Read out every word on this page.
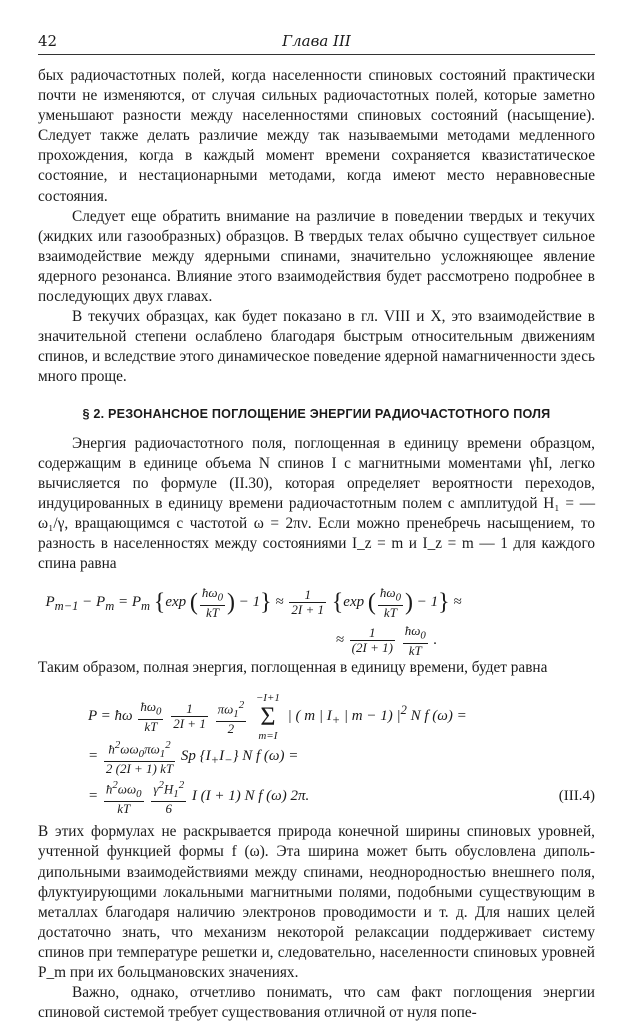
42	Глава III

бых радиочастотных полей, когда населенности спиновых состояний практически почти не изменяются, от случая сильных радиочастотных полей, которые заметно уменьшают разности между населенностями спиновых состояний (насыщение). Следует также делать различие между так называемыми методами медленного прохождения, когда в каждый момент времени сохраняется квазистатическое состояние, и нестационарными методами, когда имеют место неравновесные состояния.

Следует еще обратить внимание на различие в поведении твердых и текучих (жидких или газообразных) образцов. В твердых телах обычно существует сильное взаимодействие между ядерными спинами, значительно усложняющее явление ядерного резонанса. Влияние этого взаимодействия будет рассмотрено подробнее в последующих двух главах.

В текучих образцах, как будет показано в гл. VIII и X, это взаимодействие в значительной степени ослаблено благодаря быстрым относительным движениям спинов, и вследствие этого динамическое поведение ядерной намагниченности здесь много проще.

§ 2. РЕЗОНАНСНОЕ ПОГЛОЩЕНИЕ ЭНЕРГИИ РАДИОЧАСТОТНОГО ПОЛЯ

Энергия радиочастотного поля, поглощенная в единицу времени образцом, содержащим в единице объема N спинов I с магнитными моментами γħI, легко вычисляется по формуле (II.30), которая определяет вероятности переходов, индуцированных в единицу времени радиочастотным полем с амплитудой H₁ = — ω₁/γ, вращающимся с частотой ω = 2πν. Если можно пренебречь насыщением, то разность в населенностях между состояниями I_z = m и I_z = m — 1 для каждого спина равна

$P_{m-1} - P_m = P_m$ {exp ( $\frac{ħ\omega_0}{kT}$ ) − $1\} \approx \frac{1}{2I + 1} \{\exp$ ( $\frac{ħ\omega_0}{kT}$ ) − 1} ≈
≈ $\frac{1}{(2I + 1)}$
$\frac{ħ\omega_0}{kT}$ .

Таким образом, полная энергия, поглощенная в единицу времени, будет равна

P = ħω $\frac{ħ\omega_0}{kT}$
$\frac{1}{2I + 1}$
$\frac{\pi\omega_1^2}{2}$
−I+1
Σ
m=I | ( m | $I_+$ | m − 1) $|^2$ N f (ω) =
= $\frac{ħ^2\omega\omega_0\pi\omega_1^2}{2 (2I + 1) kT}$ Sp $\{I_+I_-\}$ N f (ω) =
= $\frac{ħ^2\omega\omega_0}{kT}$
$\frac{\gamma^2H_1^2}{6}$ I (I + 1) N f (ω) 2π.	(III.4)

В этих формулах не раскрывается природа конечной ширины спиновых уровней, учтенной функцией формы f (ω). Эта ширина может быть обусловлена диполь-дипольными взаимодействиями между спинами, неоднородностью внешнего поля, флуктуирующими локальными магнитными полями, подобными существующим в металлах благодаря наличию электронов проводимости и т. д. Для наших целей достаточно знать, что механизм некоторой релаксации поддерживает систему спинов при температуре решетки и, следовательно, населенности спиновых уровней P_m при их больцмановских значениях.

Важно, однако, отчетливо понимать, что сам факт поглощения энергии спиновой системой требует существования отличной от нуля попе-
